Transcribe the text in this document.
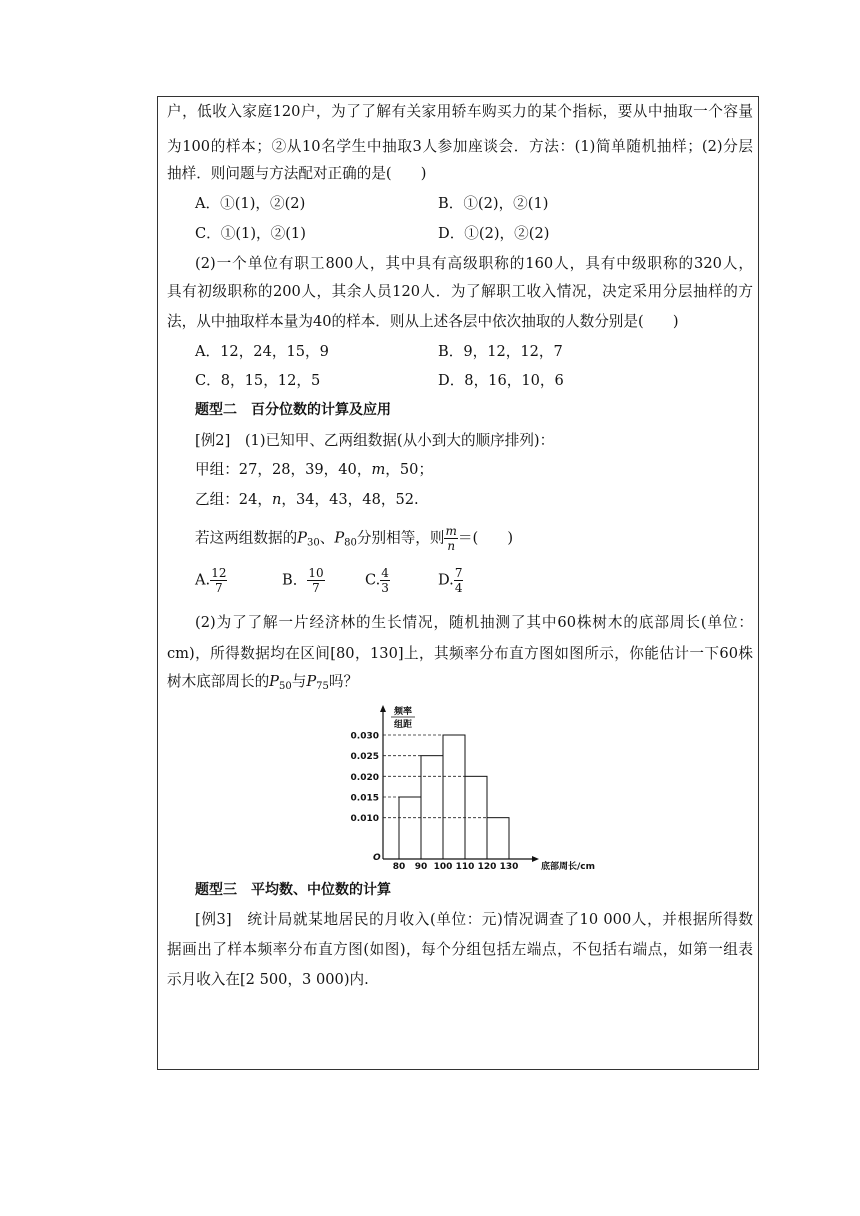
户，低收入家庭120户，为了了解有关家用轿车购买力的某个指标，要从中抽取一个容量
为100的样本；②从10名学生中抽取3人参加座谈会．方法：(1)简单随机抽样；(2)分层
抽样．则问题与方法配对正确的是(　　)
A．①(1)，②(2)	B．①(2)，②(1)
C．①(1)，②(1)	D．①(2)，②(2)
(2)一个单位有职工800人，其中具有高级职称的160人，具有中级职称的320人，
具有初级职称的200人，其余人员120人．为了解职工收入情况，决定采用分层抽样的方
法，从中抽取样本量为40的样本．则从上述各层中依次抽取的人数分别是(　　)
A．12，24，15，9	B．9，12，12，7
C．8，15，12，5	D．8，16，10，6
题型二　百分位数的计算及应用
[例2]　(1)已知甲、乙两组数据(从小到大的顺序排列)：
甲组：27，28，39，40，m，50；
乙组：24，n，34，43，48，52.
若这两组数据的$P_{30}$、$P_{80}$分别相等，则 $\frac{m}{n}$ ＝(　　)
A. $\frac{12}{7}$	B． $\frac{10}{7}$	C. $\frac{4}{3}$	D. $\frac{7}{4}$
(2)为了了解一片经济林的生长情况，随机抽测了其中60株树木的底部周长(单位：
cm)，所得数据均在区间[80，130]上，其频率分布直方图如图所示，你能估计一下60株
树木底部周长的$P_{50}$与$P_{75}$吗？
0.010
0.015
0.020
0.025
0.030
80 90 100 110 120 130
O
频率
组距
底部周长/cm
题型三　平均数、中位数的计算
[例3]　统计局就某地居民的月收入(单位：元)情况调查了10 000人，并根据所得数
据画出了样本频率分布直方图(如图)，每个分组包括左端点，不包括右端点，如第一组表
示月收入在[2 500，3 000)内.
